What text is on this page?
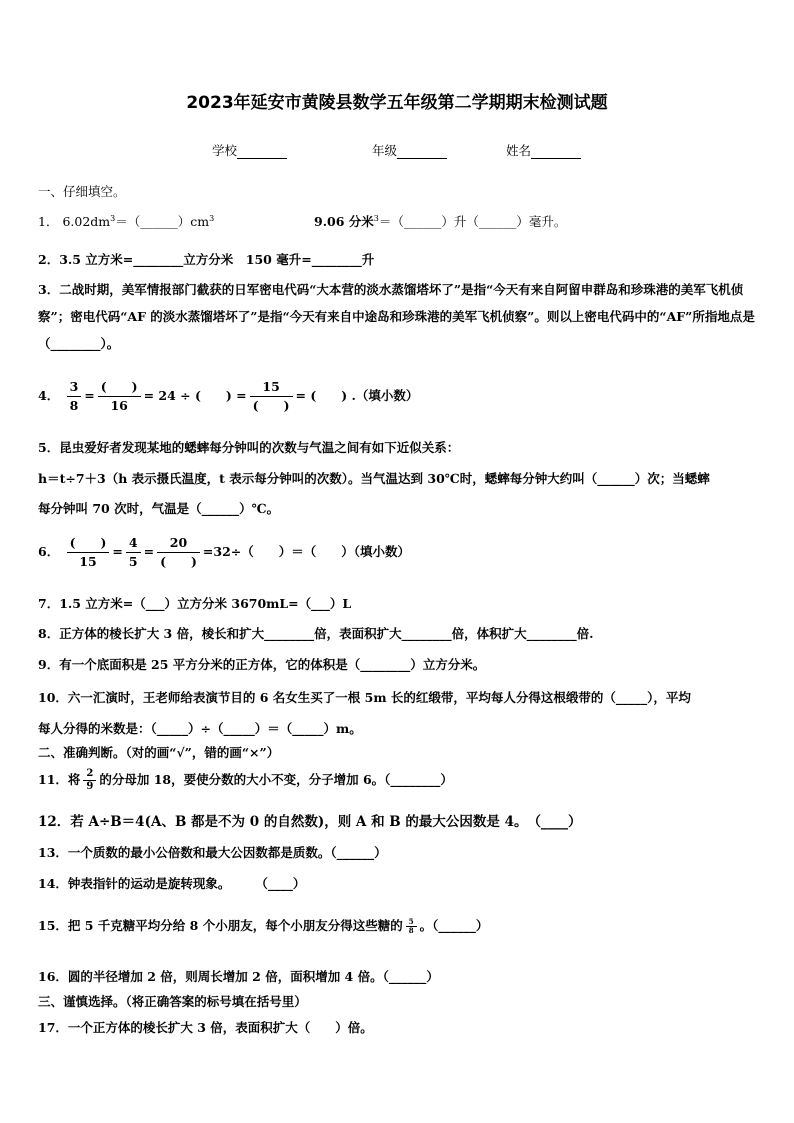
2023年延安市黄陵县数学五年级第二学期期末检测试题
学校	年级	姓名
一、仔细填空。
1． $6.02dm^3=(\_\_\_\_\_\_)cm^3$	9.06 分米$^3$＝（______）升（______）毫升。
2．3.5 立方米=________立方分米　150 毫升=________升
3．二战时期，美军情报部门截获的日军密电代码“大本营的淡水蒸馏塔坏了”是指“今天有来自阿留申群岛和珍珠港的美军飞机侦察”；密电代码“AF 的淡水蒸馏塔坏了”是指“今天有来自中途岛和珍珠港的美军飞机侦察”。则以上密电代码中的“AF”所指地点是（________）。
4． $\frac{3}{8} = \frac{( )}{16} = 24$ ÷ (　　) = $\frac{15}{( )}$ = (　　) .（填小数）
5．昆虫爱好者发现某地的蟋蟀每分钟叫的次数与气温之间有如下近似关系：
h＝t÷7＋3（h 表示摄氏温度，t 表示每分钟叫的次数）。当气温达到 30℃时，蟋蟀每分钟大约叫（______）次；当蟋蟀
每分钟叫 70 次时，气温是（______）℃。
6． $\frac{( )}{15} = \frac{4}{5} = \frac{20}{( )} =32\div$（　　）＝（　　）（填小数）
7．1.5 立方米=（___）立方分米 3670mL=（___）L
8．正方体的棱长扩大 3 倍，棱长和扩大________倍，表面积扩大________倍，体积扩大________倍.
9．有一个底面积是 25 平方分米的正方体，它的体积是（________）立方分米。
10．六一汇演时，王老师给表演节目的 6 名女生买了一根 5m 长的红缎带，平均每人分得这根缎带的（_____），平均
每人分得的米数是：（_____）÷（_____）＝（_____）m。
二、准确判断。（对的画“√”，错的画“×”）
11．将 $\frac{2}{9}$ 的分母加 18，要使分数的大小不变，分子增加 6。（________）
12．若 A÷B＝4(A、B 都是不为 0 的自然数)，则 A 和 B 的最大公因数是 4。　（____）
13．一个质数的最小公倍数和最大公因数都是质数。（______）
14．钟表指针的运动是旋转现象。　　　（____）
15．把 5 千克糖平均分给 8 个小朋友，每个小朋友分得这些糖的 $\frac{5}{8}$ 。（______）
16．圆的半径增加 2 倍，则周长增加 2 倍，面积增加 4 倍。（______）
三、谨慎选择。（将正确答案的标号填在括号里）
17．一个正方体的棱长扩大 3 倍，表面积扩大（　　）倍。
